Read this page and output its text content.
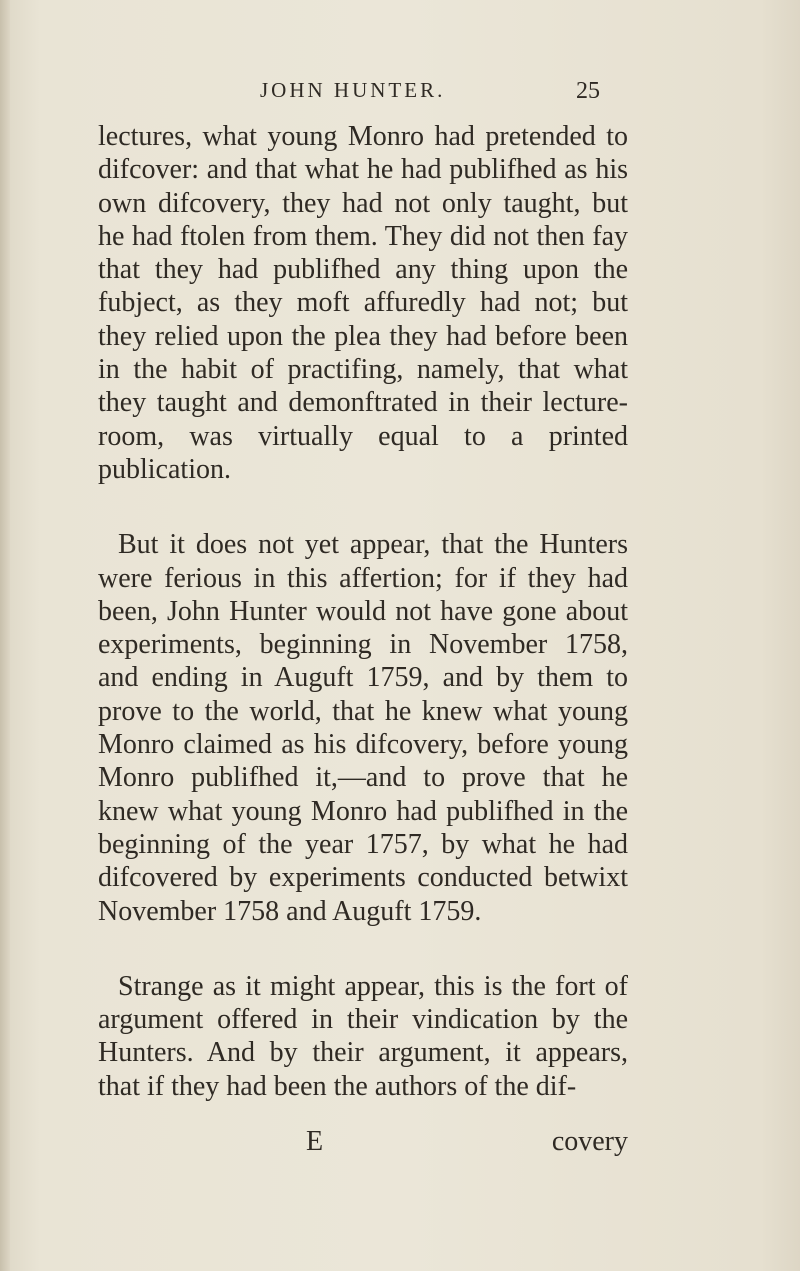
JOHN HUNTER.	25

lectures, what young Monro had pretended to difcover: and that what he had publifhed as his own difcovery, they had not only taught, but he had ftolen from them. They did not then fay that they had publifhed any thing upon the fubject, as they moft affuredly had not; but they relied upon the plea they had before been in the habit of practifing, namely, that what they taught and demonftrated in their lecture-room, was virtually equal to a printed publication.

But it does not yet appear, that the Hunters were ferious in this affertion; for if they had been, John Hunter would not have gone about experiments, beginning in November 1758, and ending in Auguft 1759, and by them to prove to the world, that he knew what young Monro claimed as his difcovery, before young Monro publifhed it,—and to prove that he knew what young Monro had publifhed in the beginning of the year 1757, by what he had difcovered by experiments conducted betwixt November 1758 and Auguft 1759.

Strange as it might appear, this is the fort of argument offered in their vindication by the Hunters. And by their argument, it appears, that if they had been the authors of the dif-

E	covery
